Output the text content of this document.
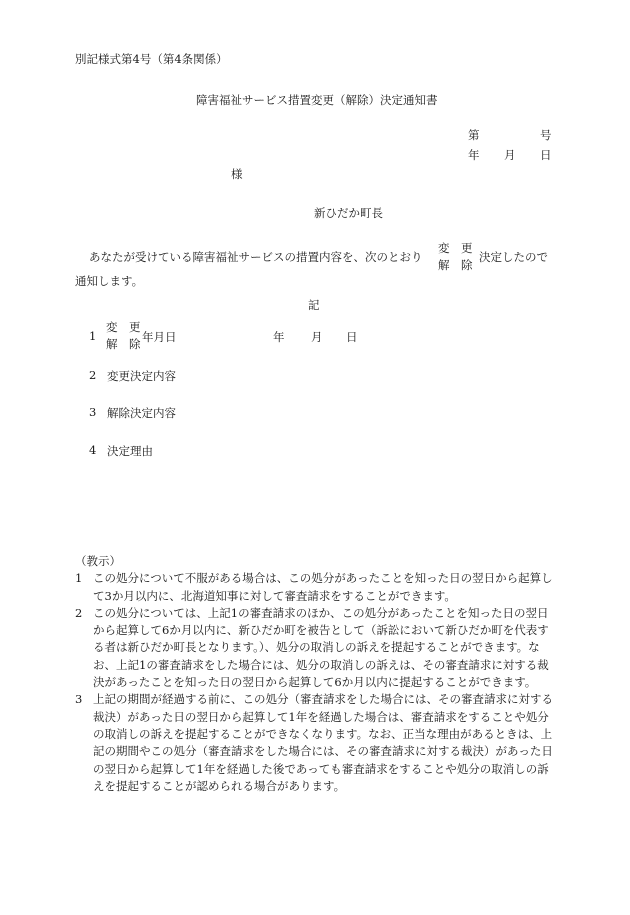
別記様式第4号（第4条関係）
障害福祉サービス措置変更（解除）決定通知書
第	号
年 月 日
様
新ひだか町長
あなたが受けている障害福祉サービスの措置内容を、次のとおり
変　更
解　除
決定したので
通知します。
記
1
変　更
解　除 年月日	年 月 日
2 変更決定内容
3 解除決定内容
4 決定理由
（教示）
1 この処分について不服がある場合は、この処分があったことを知った日の翌日から起算して3か月以内に、北海道知事に対して審査請求をすることができます。
2 この処分については、上記1の審査請求のほか、この処分があったことを知った日の翌日から起算して6か月以内に、新ひだか町を被告として（訴訟において新ひだか町を代表する者は新ひだか町長となります。）、処分の取消しの訴えを提起することができます。なお、上記1の審査請求をした場合には、処分の取消しの訴えは、その審査請求に対する裁決があったことを知った日の翌日から起算して6か月以内に提起することができます。
3 上記の期間が経過する前に、この処分（審査請求をした場合には、その審査請求に対する裁決）があった日の翌日から起算して1年を経過した場合は、審査請求をすることや処分の取消しの訴えを提起することができなくなります。なお、正当な理由があるときは、上記の期間やこの処分（審査請求をした場合には、その審査請求に対する裁決）があった日の翌日から起算して1年を経過した後であっても審査請求をすることや処分の取消しの訴えを提起することが認められる場合があります。
